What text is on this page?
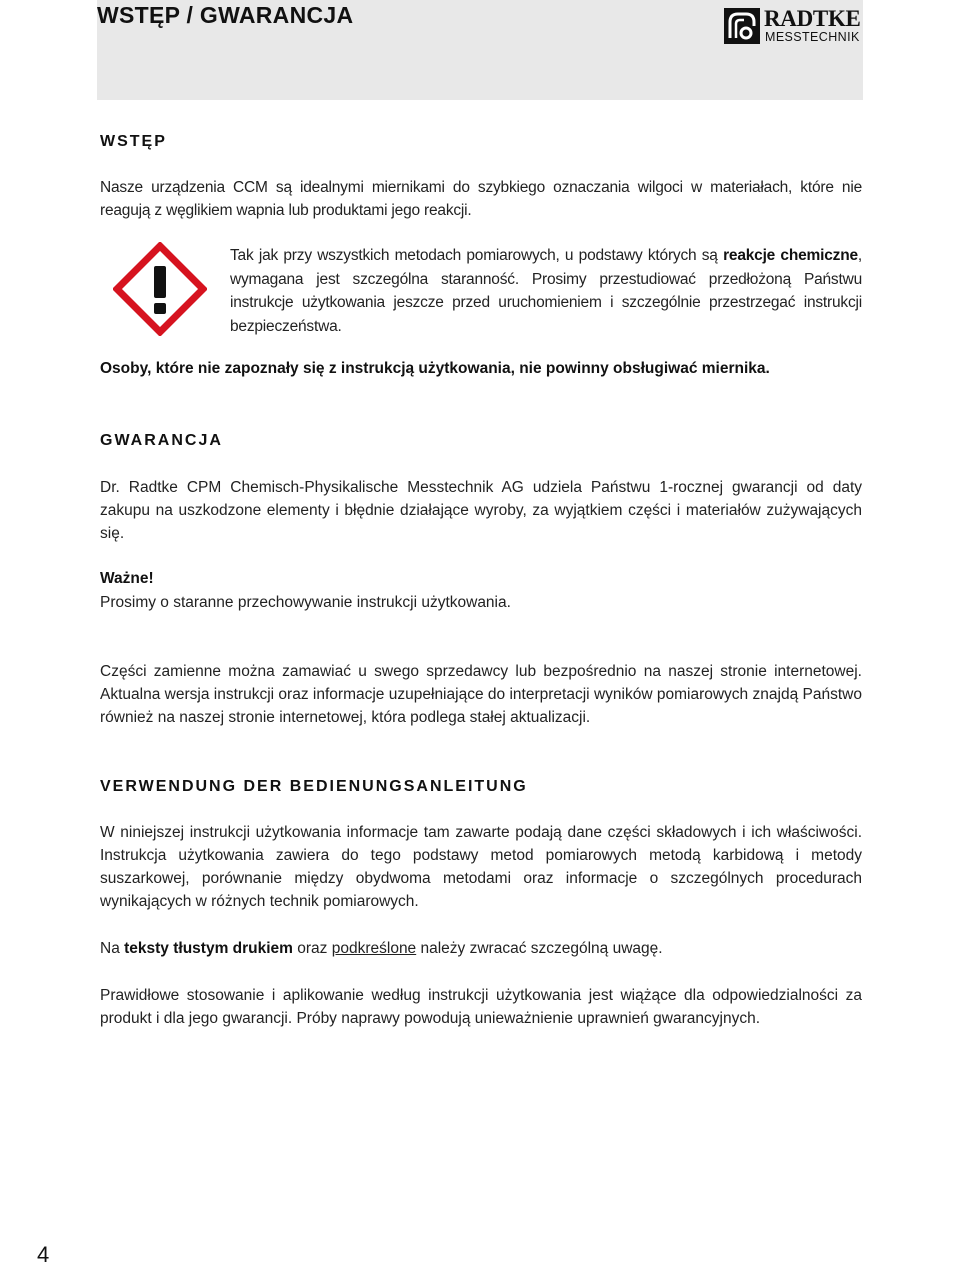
WSTĘP / GWARANCJA	RADTKE
MESSTECHNIK
WSTĘP

Nasze urządzenia CCM są idealnymi miernikami do szybkiego oznaczania wilgoci w materiałach, które nie reagują z węglikiem wapnia lub produktami jego reakcji.

Tak jak przy wszystkich metodach pomiarowych, u podstawy których są reakcje chemiczne, wymagana jest szczególna staranność. Prosimy przestudiować przedłożoną Państwu instrukcje użytkowania jeszcze przed uruchomieniem i szczególnie przestrzegać instrukcji bezpieczeństwa.

Osoby, które nie zapoznały się z instrukcją użytkowania, nie powinny obsługiwać miernika.
GWARANCJA

Dr. Radtke CPM Chemisch-Physikalische Messtechnik AG udziela Państwu 1-rocznej gwarancji od daty zakupu na uszkodzone elementy i błędnie działające wyroby, za wyjątkiem części i materiałów zużywających się.

Ważne!
Prosimy o staranne przechowywanie instrukcji użytkowania.

Części zamienne można zamawiać u swego sprzedawcy lub bezpośrednio na naszej stronie internetowej. Aktualna wersja instrukcji oraz informacje uzupełniające do interpretacji wyników pomiarowych znajdą Państwo również na naszej stronie internetowej, która podlega stałej aktualizacji.

VERWENDUNG DER BEDIENUNGSANLEITUNG

W niniejszej instrukcji użytkowania informacje tam zawarte podają dane części składowych i ich właściwości. Instrukcja użytkowania zawiera do tego podstawy metod pomiarowych metodą karbidową i metody suszarkowej, porównanie między obydwoma metodami oraz informacje o szczególnych procedurach wynikających w różnych technik pomiarowych.

Na teksty tłustym drukiem oraz podkreślone należy zwracać szczególną uwagę.

Prawidłowe stosowanie i aplikowanie według instrukcji użytkowania jest wiążące dla odpowiedzialności za produkt i dla jego gwarancji. Próby naprawy powodują unieważnienie uprawnień gwarancyjnych.

4
